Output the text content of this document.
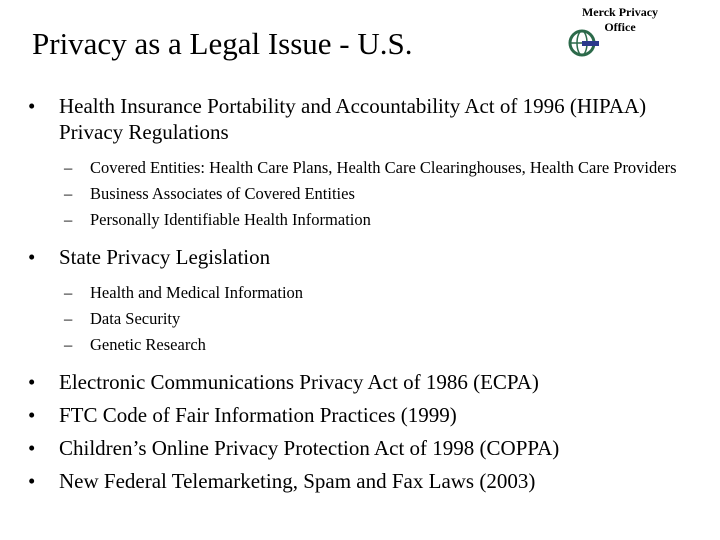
Privacy as a Legal Issue - U.S.
Merck Privacy
Office
• Health Insurance Portability and Accountability Act of 1996 (HIPAA) Privacy Regulations
– Covered Entities: Health Care Plans, Health Care Clearinghouses, Health Care Providers
– Business Associates of Covered Entities
– Personally Identifiable Health Information
• State Privacy Legislation
– Health and Medical Information
– Data Security
– Genetic Research
• Electronic Communications Privacy Act of 1986 (ECPA)
• FTC Code of Fair Information Practices (1999)
• Children’s Online Privacy Protection Act of 1998 (COPPA)
• New Federal Telemarketing, Spam and Fax Laws (2003)
